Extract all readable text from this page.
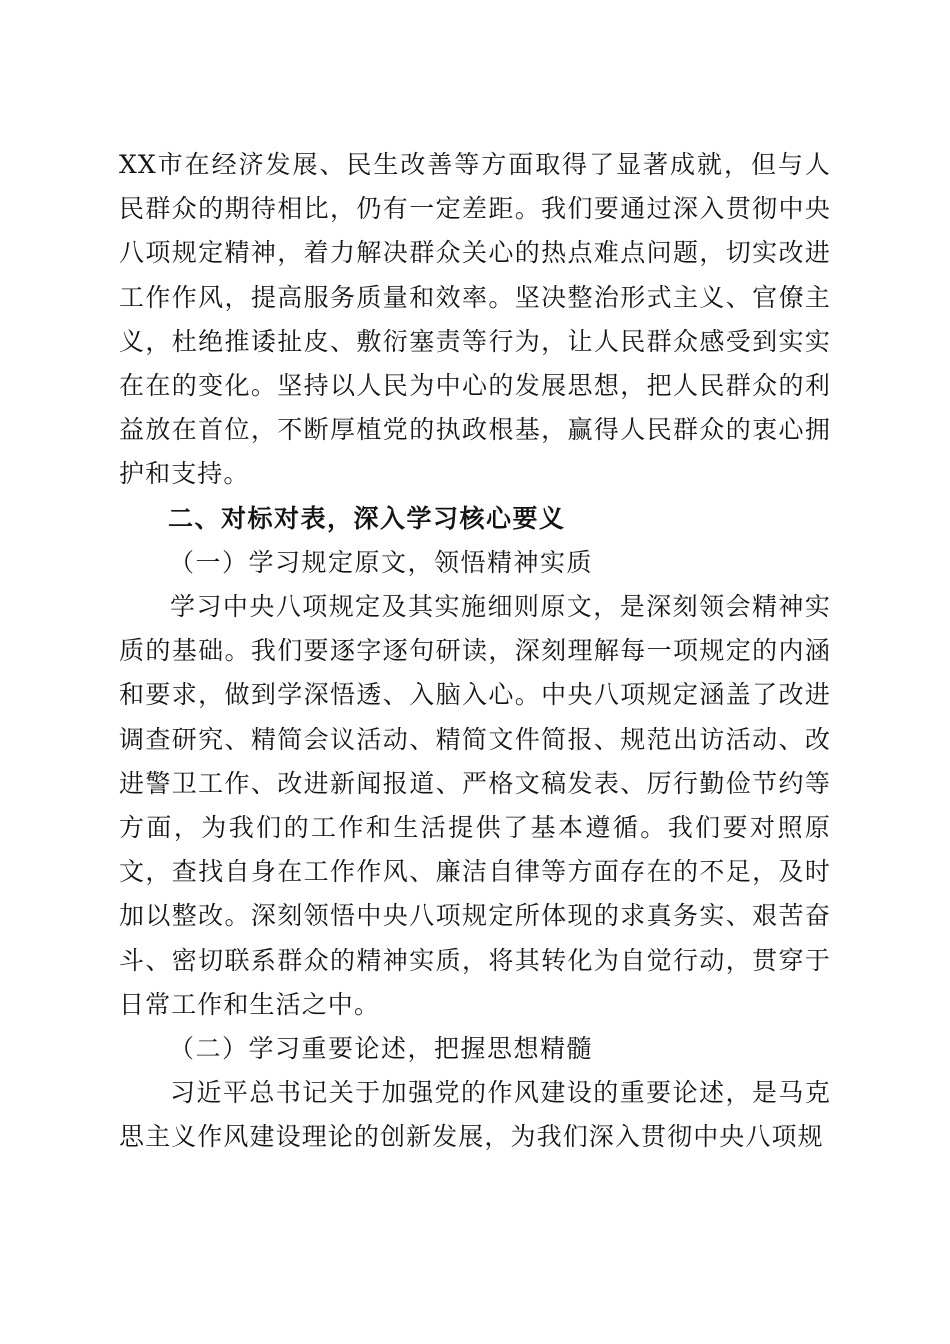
XX市在经济发展、民生改善等方面取得了显著成就，但与人民群众的期待相比，仍有一定差距。我们要通过深入贯彻中央八项规定精神，着力解决群众关心的热点难点问题，切实改进工作作风，提高服务质量和效率。坚决整治形式主义、官僚主义，杜绝推诿扯皮、敷衍塞责等行为，让人民群众感受到实实在在的变化。坚持以人民为中心的发展思想，把人民群众的利益放在首位，不断厚植党的执政根基，赢得人民群众的衷心拥护和支持。

二、对标对表，深入学习核心要义

（一）学习规定原文，领悟精神实质

学习中央八项规定及其实施细则原文，是深刻领会精神实质的基础。我们要逐字逐句研读，深刻理解每一项规定的内涵和要求，做到学深悟透、入脑入心。中央八项规定涵盖了改进调查研究、精简会议活动、精简文件简报、规范出访活动、改进警卫工作、改进新闻报道、严格文稿发表、厉行勤俭节约等方面，为我们的工作和生活提供了基本遵循。我们要对照原文，查找自身在工作作风、廉洁自律等方面存在的不足，及时加以整改。深刻领悟中央八项规定所体现的求真务实、艰苦奋斗、密切联系群众的精神实质，将其转化为自觉行动，贯穿于日常工作和生活之中。

（二）学习重要论述，把握思想精髓

习近平总书记关于加强党的作风建设的重要论述，是马克思主义作风建设理论的创新发展，为我们深入贯彻中央八项规
